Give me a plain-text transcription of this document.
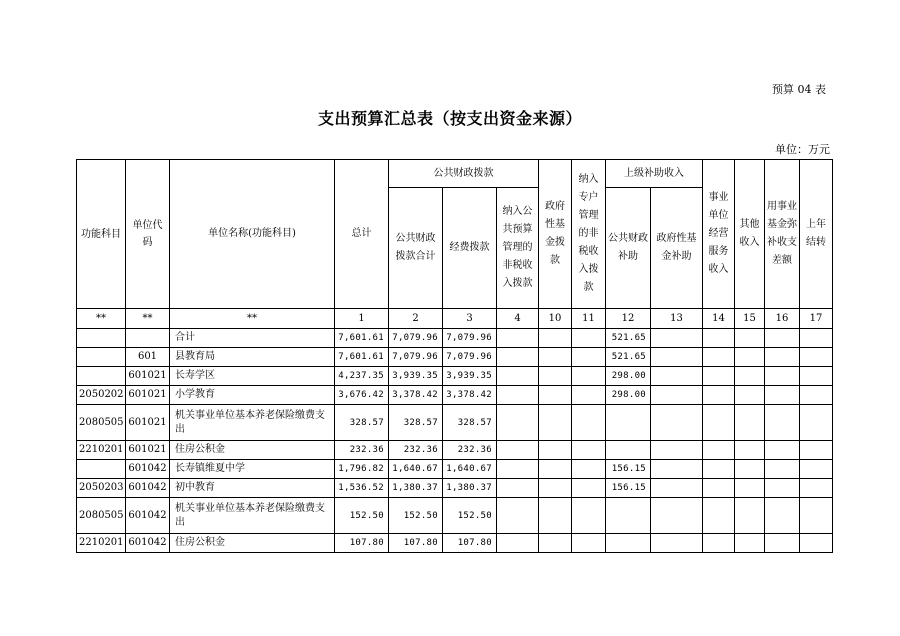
预算 04 表
支出预算汇总表（按支出资金来源）
单位：万元
功能科目	单位代码	单位名称(功能科目)	总计	公共财政拨款			政府性基金拨款	纳入专户管理的非税收入拨款	上级补助收入		事业单位经营服务收入	其他收入	用事业基金弥补收支差额	上年结转

				公共财政拨款合计	经费拨款	纳入公共预算管理的非税收入拨款			公共财政补助	政府性基金补助				
**	**	**	1	2	3	4	10	11	12	13	14	15	16	17
		合计	7,601.61	7,079.96	7,079.96				521.65					
	601	县教育局	7,601.61	7,079.96	7,079.96				521.65					
	601021	长寿学区	4,237.35	3,939.35	3,939.35				298.00					
2050202	601021	小学教育	3,676.42	3,378.42	3,378.42				298.00					
2080505	601021	机关事业单位基本养老保险缴费支出	328.57	328.57	328.57									
2210201	601021	住房公积金	232.36	232.36	232.36									
	601042	长寿镇维夏中学	1,796.82	1,640.67	1,640.67				156.15					
2050203	601042	初中教育	1,536.52	1,380.37	1,380.37				156.15					
2080505	601042	机关事业单位基本养老保险缴费支出	152.50	152.50	152.50									
2210201	601042	住房公积金	107.80	107.80	107.80									
